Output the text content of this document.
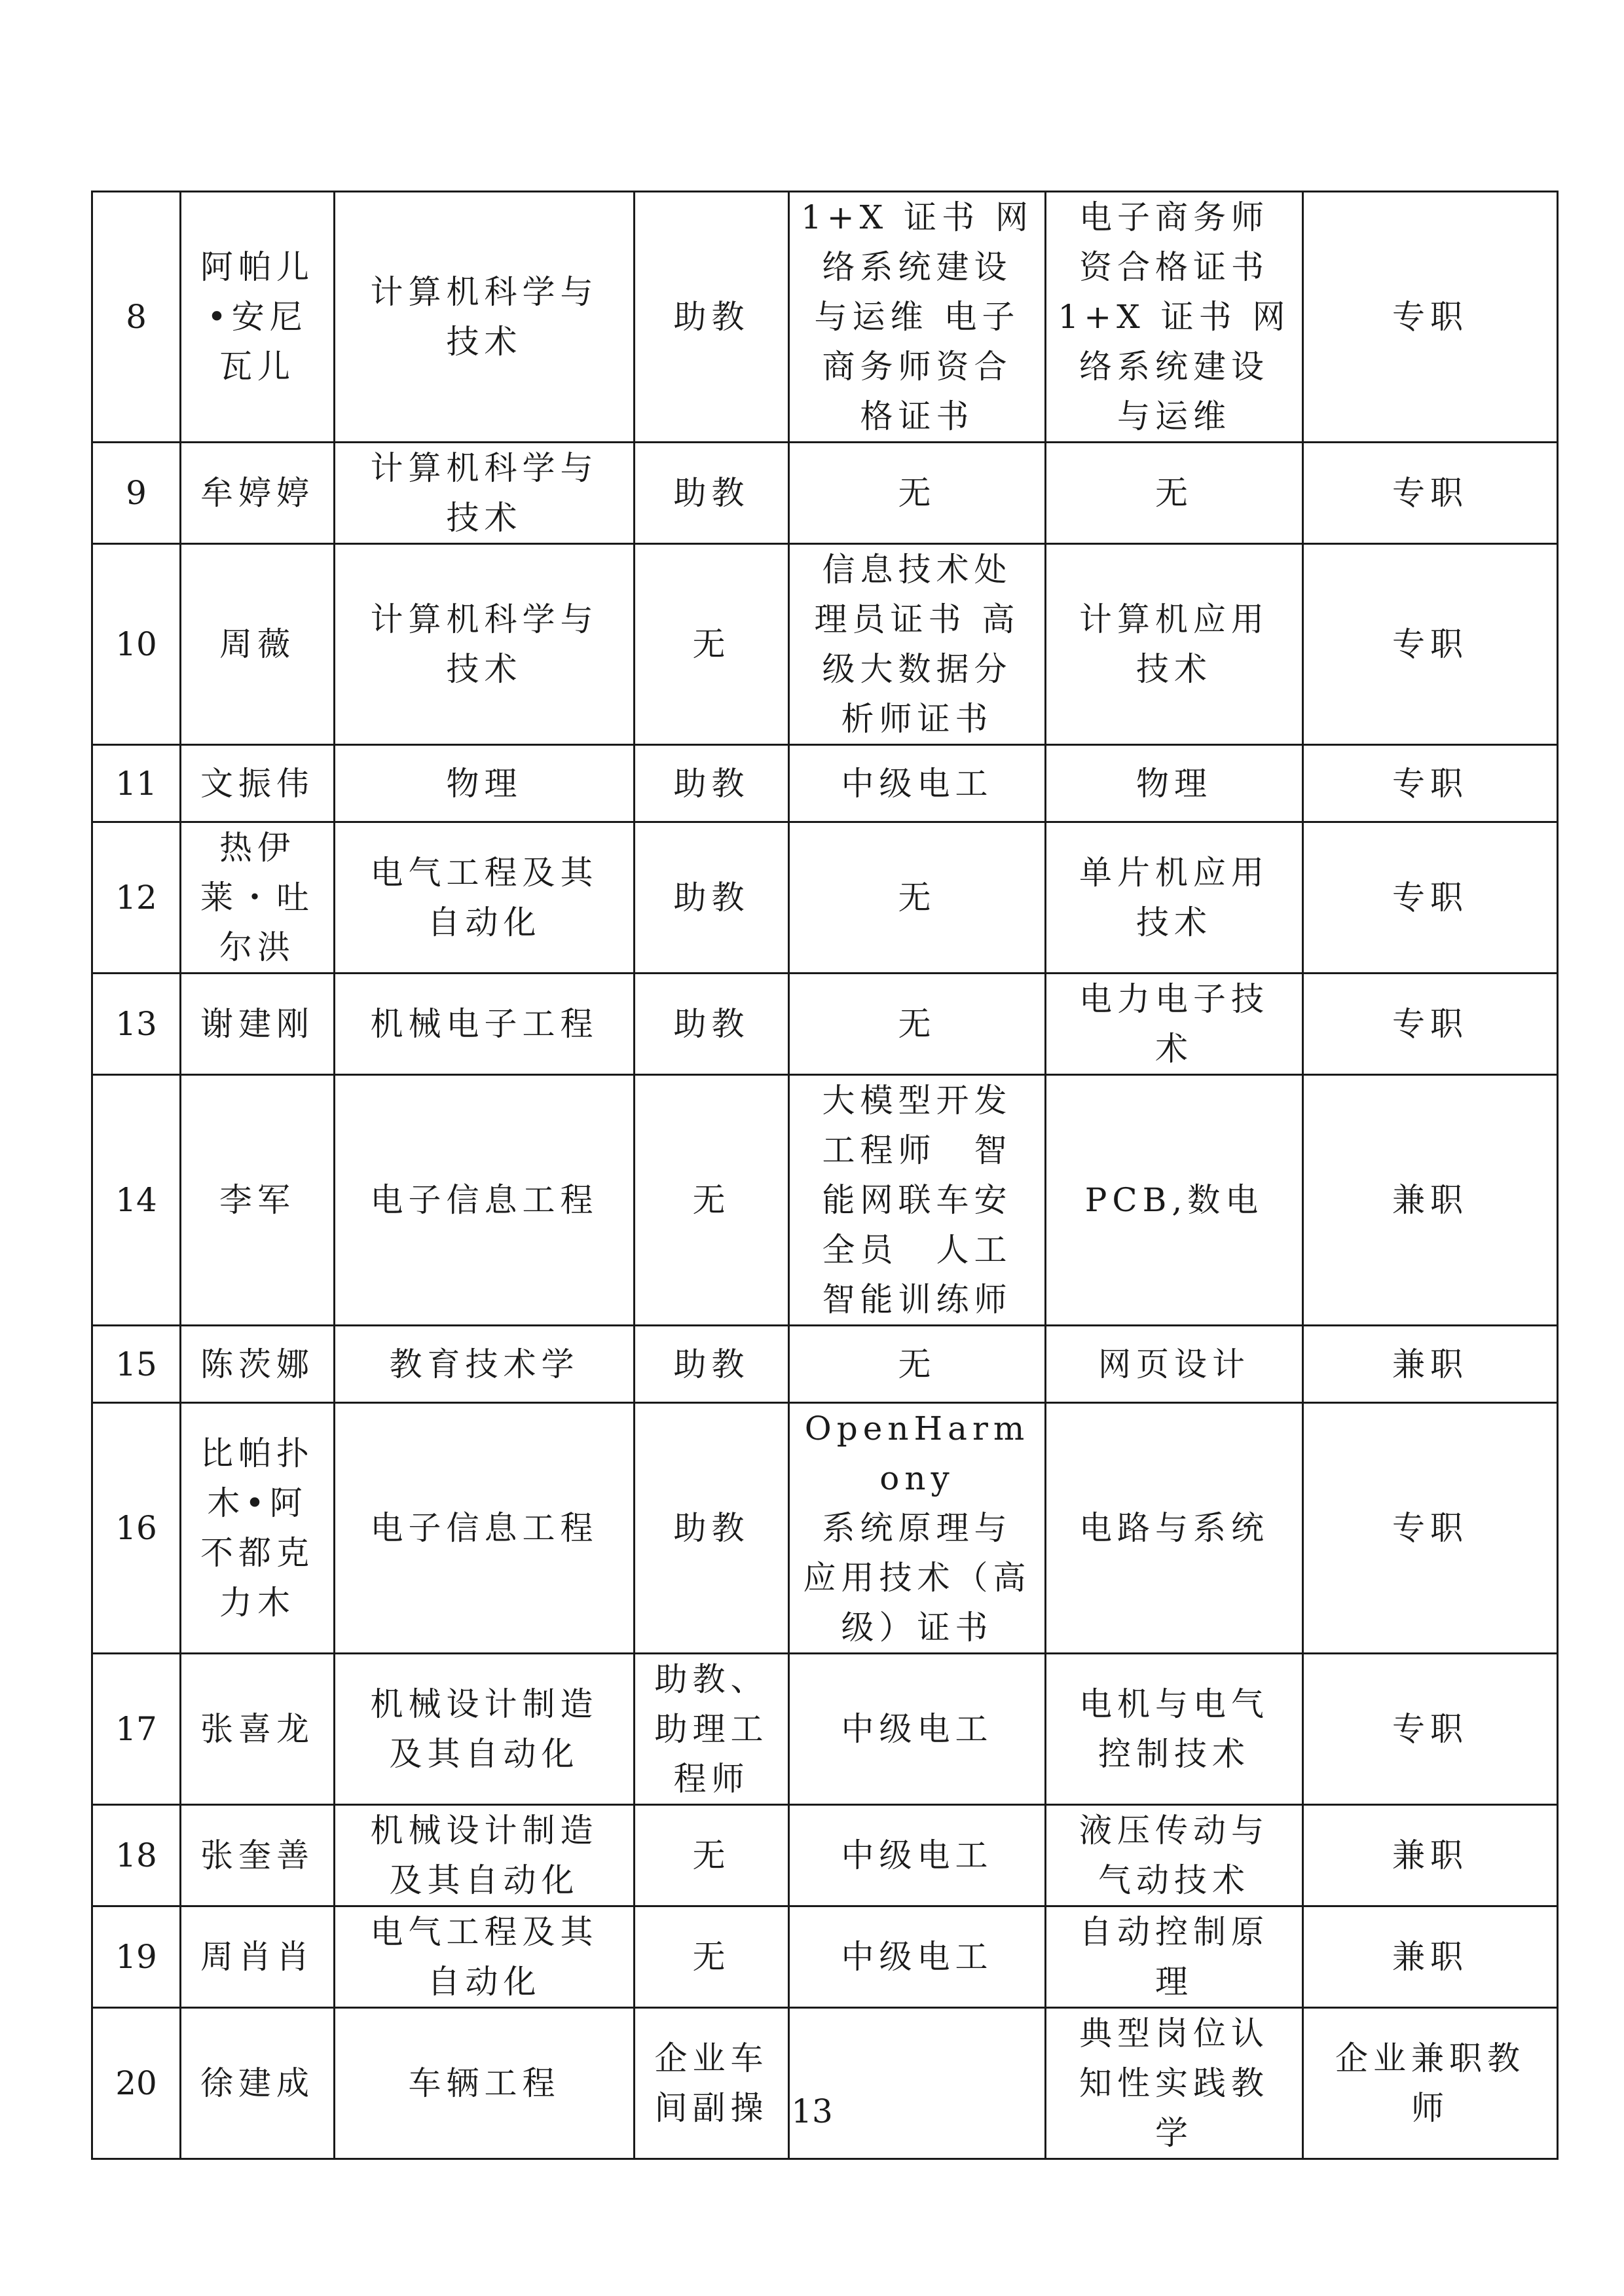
8	阿帕儿
•安尼
瓦儿	计算机科学与
技术	助教	1+X 证书 网
络系统建设
与运维 电子
商务师资合
格证书	电子商务师
资合格证书
1+X 证书 网
络系统建设
与运维	专职

9	牟婷婷	计算机科学与
技术	助教	无	无	专职

10	周薇	计算机科学与
技术	无	信息技术处
理员证书 高
级大数据分
析师证书	计算机应用
技术	专职

11	文振伟	物理	助教	中级电工	物理	专职

12	热伊
莱・吐
尔洪	电气工程及其
自动化	助教	无	单片机应用
技术	专职

13	谢建刚	机械电子工程	助教	无	电力电子技
术	专职

14	李军	电子信息工程	无	大模型开发
工程师　智
能网联车安
全员　人工
智能训练师	PCB,数电	兼职

15	陈茨娜	教育技术学	助教	无	网页设计	兼职

16	比帕扑
木•阿
不都克
力木	电子信息工程	助教	OpenHarmony
系统原理与
应用技术（高
级）证书	电路与系统	专职

17	张喜龙	机械设计制造
及其自动化	助教、
助理工
程师	中级电工	电机与电气
控制技术	专职

18	张奎善	机械设计制造
及其自动化	无	中级电工	液压传动与
气动技术	兼职

19	周肖肖	电气工程及其
自动化	无	中级电工	自动控制原
理	兼职

20	徐建成	车辆工程	企业车
间副操		典型岗位认
知性实践教
学	企业兼职教
师
13
